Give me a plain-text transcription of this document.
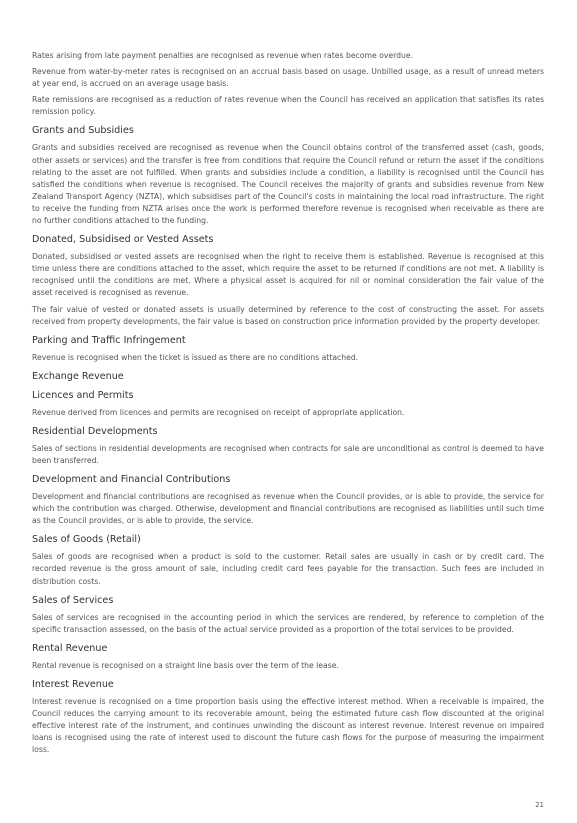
Rates arising from late payment penalties are recognised as revenue when rates become overdue.

Revenue from water-by-meter rates is recognised on an accrual basis based on usage. Unbilled usage, as a result of unread meters at year end, is accrued on an average usage basis.

Rate remissions are recognised as a reduction of rates revenue when the Council has received an application that satisfies its rates remission policy.

Grants and Subsidies

Grants and subsidies received are recognised as revenue when the Council obtains control of the transferred asset (cash, goods, other assets or services) and the transfer is free from conditions that require the Council refund or return the asset if the conditions relating to the asset are not fulfilled. When grants and subsidies include a condition, a liability is recognised until the Council has satisfied the conditions when revenue is recognised. The Council receives the majority of grants and subsidies revenue from New Zealand Transport Agency (NZTA), which subsidises part of the Council's costs in maintaining the local road infrastructure. The right to receive the funding from NZTA arises once the work is performed therefore revenue is recognised when receivable as there are no further conditions attached to the funding.

Donated, Subsidised or Vested Assets

Donated, subsidised or vested assets are recognised when the right to receive them is established. Revenue is recognised at this time unless there are conditions attached to the asset, which require the asset to be returned if conditions are not met. A liability is recognised until the conditions are met. Where a physical asset is acquired for nil or nominal consideration the fair value of the asset received is recognised as revenue.

The fair value of vested or donated assets is usually determined by reference to the cost of constructing the asset. For assets received from property developments, the fair value is based on construction price information provided by the property developer.

Parking and Traffic Infringement

Revenue is recognised when the ticket is issued as there are no conditions attached.

Exchange Revenue
Licences and Permits

Revenue derived from licences and permits are recognised on receipt of appropriate application.

Residential Developments

Sales of sections in residential developments are recognised when contracts for sale are unconditional as control is deemed to have been transferred.

Development and Financial Contributions

Development and financial contributions are recognised as revenue when the Council provides, or is able to provide, the service for which the contribution was charged. Otherwise, development and financial contributions are recognised as liabilities until such time as the Council provides, or is able to provide, the service.

Sales of Goods (Retail)

Sales of goods are recognised when a product is sold to the customer. Retail sales are usually in cash or by credit card. The recorded revenue is the gross amount of sale, including credit card fees payable for the transaction. Such fees are included in distribution costs.

Sales of Services

Sales of services are recognised in the accounting period in which the services are rendered, by reference to completion of the specific transaction assessed, on the basis of the actual service provided as a proportion of the total services to be provided.

Rental Revenue

Rental revenue is recognised on a straight line basis over the term of the lease.

Interest Revenue

Interest revenue is recognised on a time proportion basis using the effective interest method. When a receivable is impaired, the Council reduces the carrying amount to its recoverable amount, being the estimated future cash flow discounted at the original effective interest rate of the instrument, and continues unwinding the discount as interest revenue. Interest revenue on impaired loans is recognised using the rate of interest used to discount the future cash flows for the purpose of measuring the impairment loss.

21
